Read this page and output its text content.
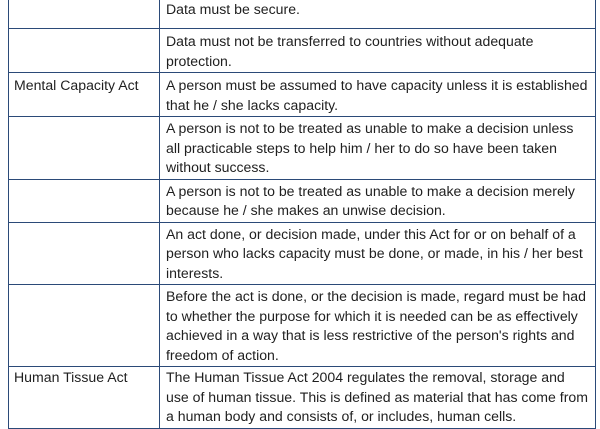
	Data must be secure.
	Data must not be transferred to countries without adequate protection.
Mental Capacity Act	A person must be assumed to have capacity unless it is established that he / she lacks capacity.
	A person is not to be treated as unable to make a decision unless all practicable steps to help him / her to do so have been taken without success.
	A person is not to be treated as unable to make a decision merely because he / she makes an unwise decision.
	An act done, or decision made, under this Act for or on behalf of a person who lacks capacity must be done, or made, in his / her best interests.
	Before the act is done, or the decision is made, regard must be had to whether the purpose for which it is needed can be as effectively achieved in a way that is less restrictive of the person's rights and freedom of action.
Human Tissue Act	The Human Tissue Act 2004 regulates the removal, storage and use of human tissue. This is defined as material that has come from a human body and consists of, or includes, human cells.
